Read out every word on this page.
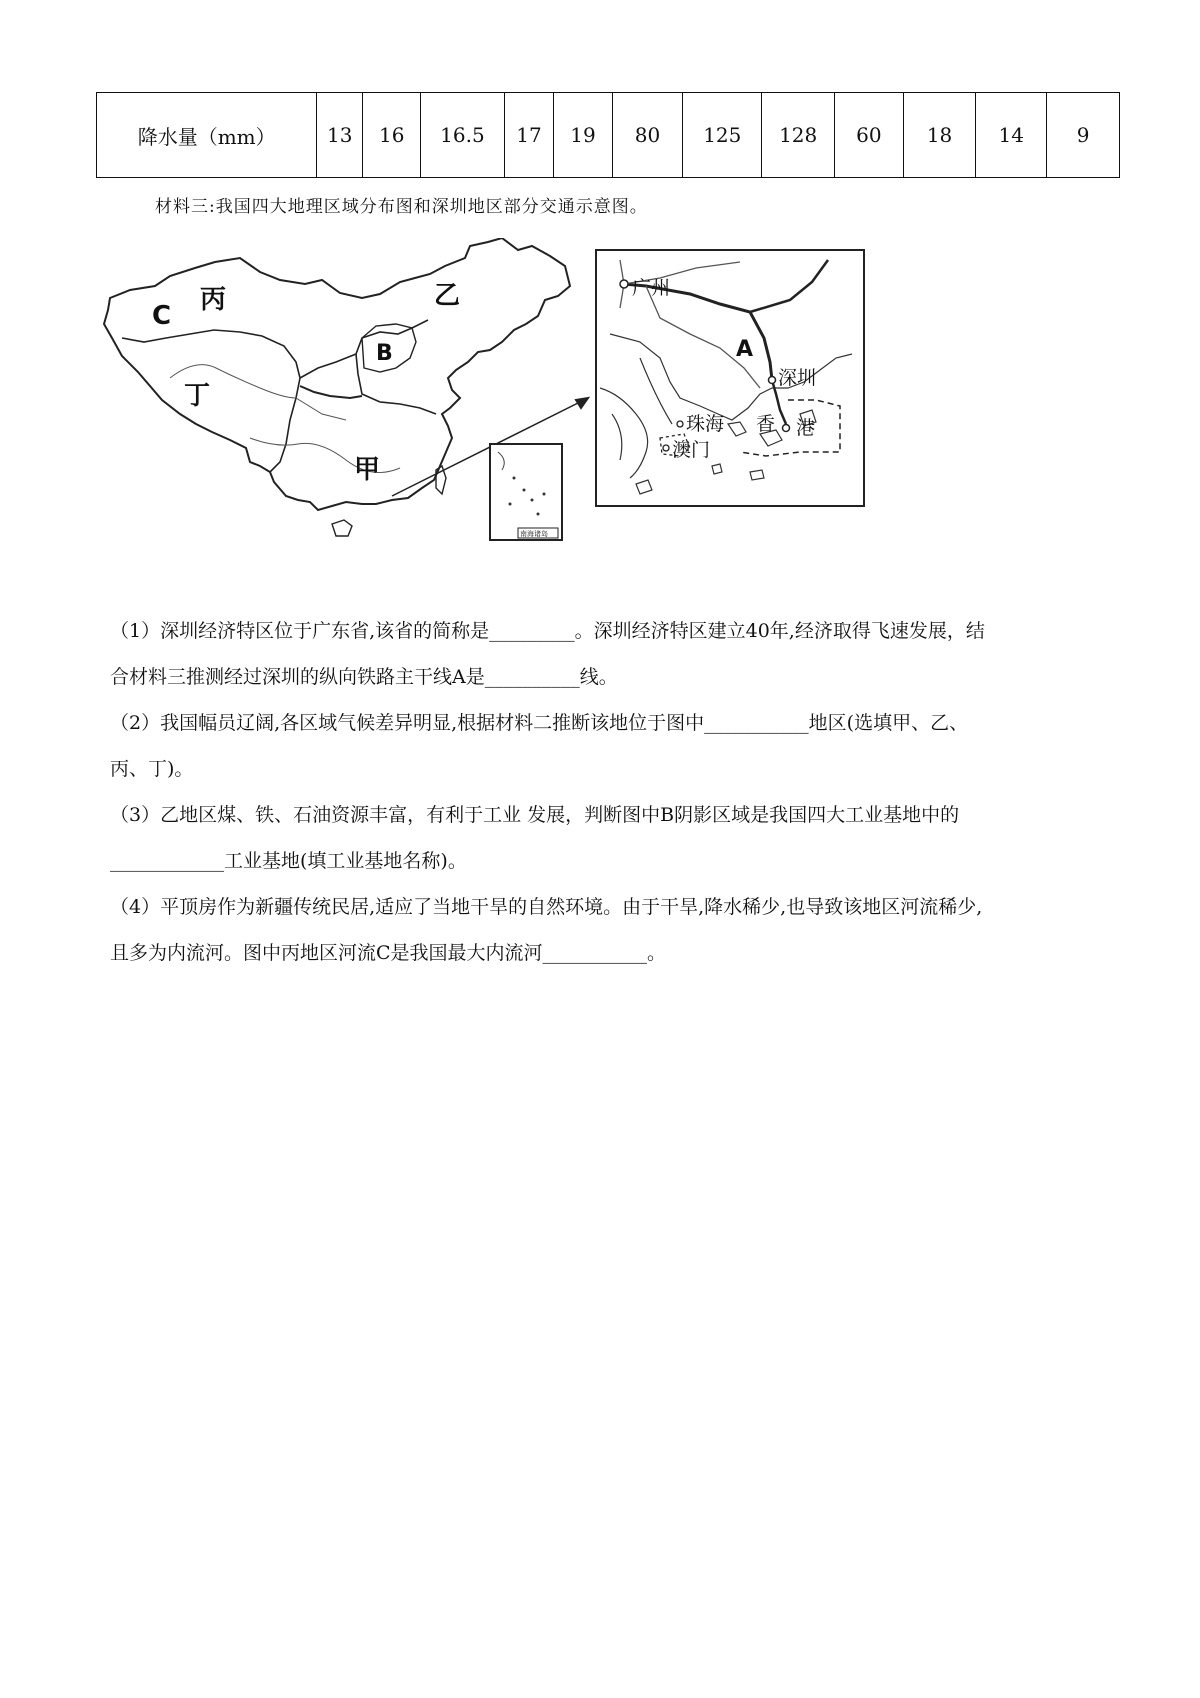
降水量（mm）	13	16	16.5	17	19	80	125	128	60	18	14	9
材料三:我国四大地理区域分布图和深圳地区部分交通示意图。
丙	乙
C
B
丁
甲
南海诸岛
广州
A
深圳
珠海 香 港
澳门

（1）深圳经济特区位于广东省,该省的简称是_________。深圳经济特区建立40年,经济取得飞速发展，结

合材料三推测经过深圳的纵向铁路主干线A是__________线。

（2）我国幅员辽阔,各区域气候差异明显,根据材料二推断该地位于图中___________地区(选填甲、乙、

丙、丁)。

（3）乙地区煤、铁、石油资源丰富，有利于工业 发展，判断图中B阴影区域是我国四大工业基地中的

____________工业基地(填工业基地名称)。

（4）平顶房作为新疆传统民居,适应了当地干旱的自然环境。由于干旱,降水稀少,也导致该地区河流稀少,

且多为内流河。图中丙地区河流C是我国最大内流河___________。
